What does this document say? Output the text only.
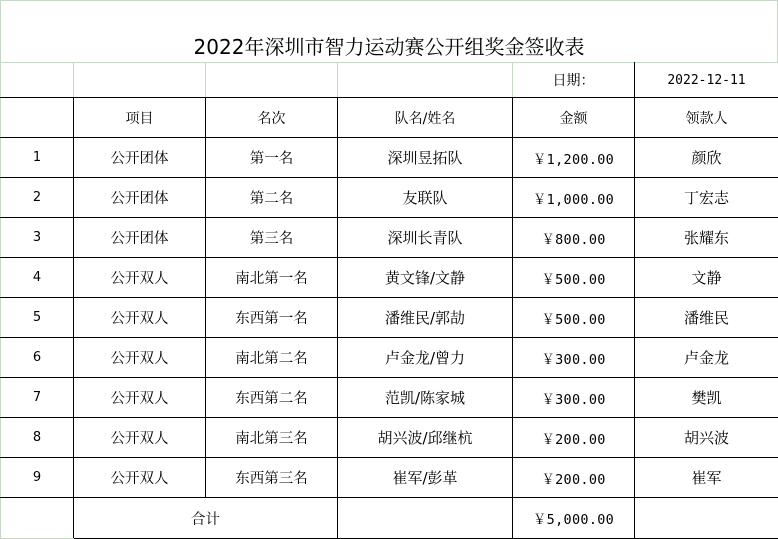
2022年深圳市智力运动赛公开组奖金签收表
				日期：	2022-12-11
	项目	名次	队名/姓名	金额	领款人
1	公开团体	第一名	深圳昱拓队	￥1,200.00	颜欣
2	公开团体	第二名	友联队	￥1,000.00	丁宏志
3	公开团体	第三名	深圳长青队	￥800.00	张耀东
4	公开双人	南北第一名	黄文锋/文静	￥500.00	文静
5	公开双人	东西第一名	潘维民/郭劼	￥500.00	潘维民
6	公开双人	南北第二名	卢金龙/曾力	￥300.00	卢金龙
7	公开双人	东西第二名	范凯/陈家城	￥300.00	樊凯
8	公开双人	南北第三名	胡兴波/邱继杭	￥200.00	胡兴波
9	公开双人	东西第三名	崔军/彭革	￥200.00	崔军
	合计			￥5,000.00	
